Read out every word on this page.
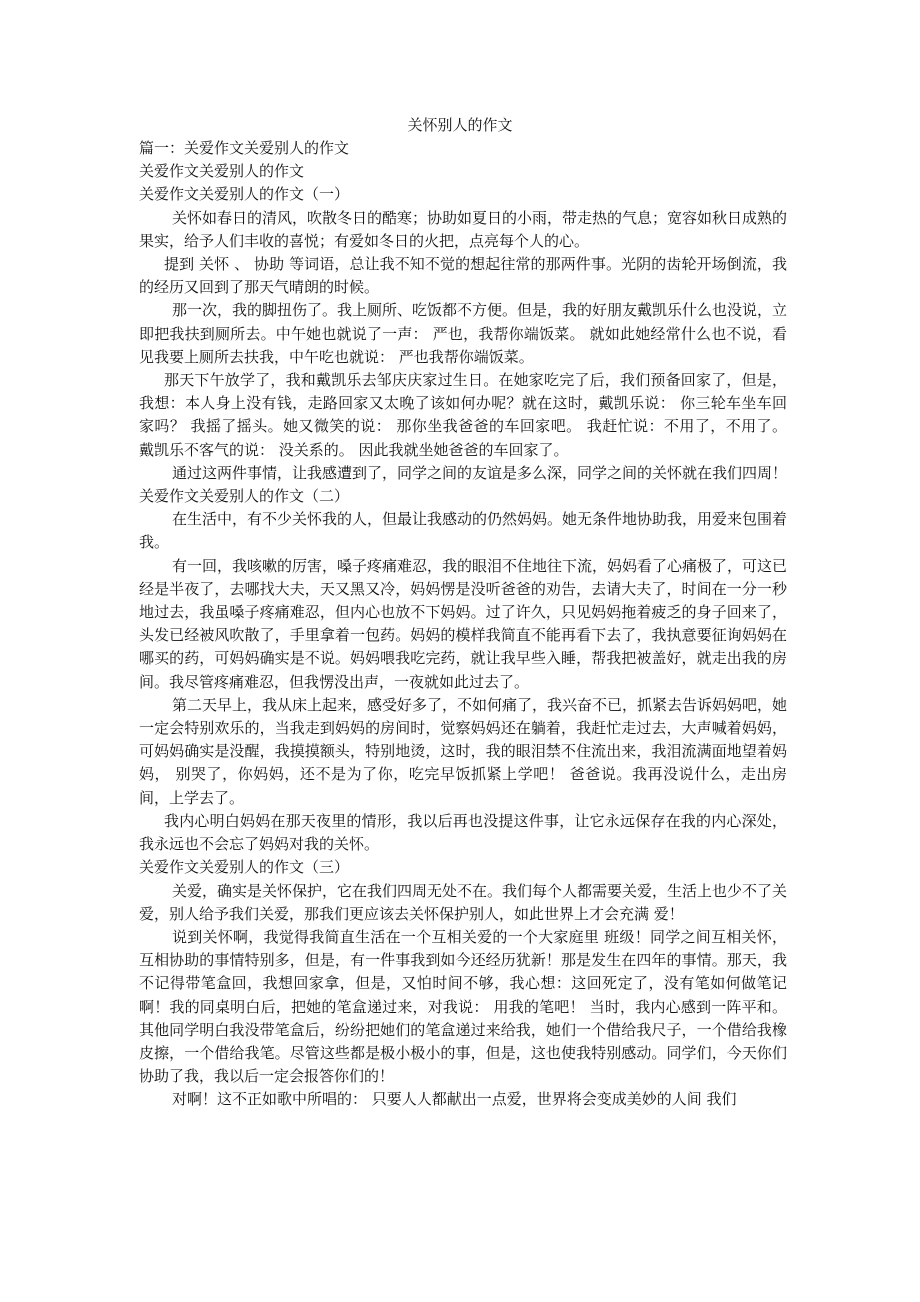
关怀别人的作文

篇一：关爱作文关爱别人的作文

关爱作文关爱别人的作文

关爱作文关爱别人的作文（一）

关怀如春日的清风，吹散冬日的酷寒；协助如夏日的小雨，带走热的气息；宽容如秋日成熟的果实，给予人们丰收的喜悦；有爱如冬日的火把，点亮每个人的心。

提到 关怀 、 协助 等词语，总让我不知不觉的想起往常的那两件事。光阴的齿轮开场倒流，我的经历又回到了那天气晴朗的时候。

那一次，我的脚扭伤了。我上厕所、吃饭都不方便。但是，我的好朋友戴凯乐什么也没说，立即把我扶到厕所去。中午她也就说了一声： 严也，我帮你端饭菜。 就如此她经常什么也不说，看见我要上厕所去扶我，中午吃也就说： 严也我帮你端饭菜。

那天下午放学了，我和戴凯乐去邹庆庆家过生日。在她家吃完了后，我们预备回家了，但是，我想：本人身上没有钱，走路回家又太晚了该如何办呢？就在这时，戴凯乐说： 你三轮车坐车回家吗？ 我摇了摇头。她又微笑的说： 那你坐我爸爸的车回家吧。 我赶忙说：不用了，不用了。 戴凯乐不客气的说： 没关系的。 因此我就坐她爸爸的车回家了。

通过这两件事情，让我感遭到了，同学之间的友谊是多么深，同学之间的关怀就在我们四周！

关爱作文关爱别人的作文（二）

在生活中，有不少关怀我的人，但最让我感动的仍然妈妈。她无条件地协助我，用爱来包围着我。

有一回，我咳嗽的厉害，嗓子疼痛难忍，我的眼泪不住地往下流，妈妈看了心痛极了，可这已经是半夜了，去哪找大夫，天又黑又冷，妈妈愣是没听爸爸的劝告，去请大夫了，时间在一分一秒地过去，我虽嗓子疼痛难忍，但内心也放不下妈妈。过了许久，只见妈妈拖着疲乏的身子回来了，头发已经被风吹散了，手里拿着一包药。妈妈的模样我简直不能再看下去了，我执意要征询妈妈在哪买的药，可妈妈确实是不说。妈妈喂我吃完药，就让我早些入睡，帮我把被盖好，就走出我的房间。我尽管疼痛难忍，但我愣没出声，一夜就如此过去了。

第二天早上，我从床上起来，感受好多了，不如何痛了，我兴奋不已，抓紧去告诉妈妈吧，她一定会特别欢乐的，当我走到妈妈的房间时，觉察妈妈还在躺着，我赶忙走过去，大声喊着妈妈，可妈妈确实是没醒，我摸摸额头，特别地烫，这时，我的眼泪禁不住流出来，我泪流满面地望着妈妈， 别哭了，你妈妈，还不是为了你，吃完早饭抓紧上学吧！ 爸爸说。我再没说什么，走出房间，上学去了。

我内心明白妈妈在那天夜里的情形，我以后再也没提这件事，让它永远保存在我的内心深处，我永远也不会忘了妈妈对我的关怀。

关爱作文关爱别人的作文（三）

关爱，确实是关怀保护，它在我们四周无处不在。我们每个人都需要关爱，生活上也少不了关爱，别人给予我们关爱，那我们更应该去关怀保护别人，如此世界上才会充满 爱！

说到关怀啊，我觉得我简直生活在一个互相关爱的一个大家庭里 班级！同学之间互相关怀，互相协助的事情特别多，但是，有一件事我到如今还经历犹新！那是发生在四年的事情。那天，我不记得带笔盒回，我想回家拿，但是，又怕时间不够，我心想：这回死定了，没有笔如何做笔记啊！我的同桌明白后，把她的笔盒递过来，对我说： 用我的笔吧！ 当时，我内心感到一阵平和。其他同学明白我没带笔盒后，纷纷把她们的笔盒递过来给我，她们一个借给我尺子，一个借给我橡皮擦，一个借给我笔。尽管这些都是极小极小的事，但是，这也使我特别感动。同学们，今天你们协助了我，我以后一定会报答你们的！

对啊！这不正如歌中所唱的： 只要人人都献出一点爱，世界将会变成美妙的人间 我们
